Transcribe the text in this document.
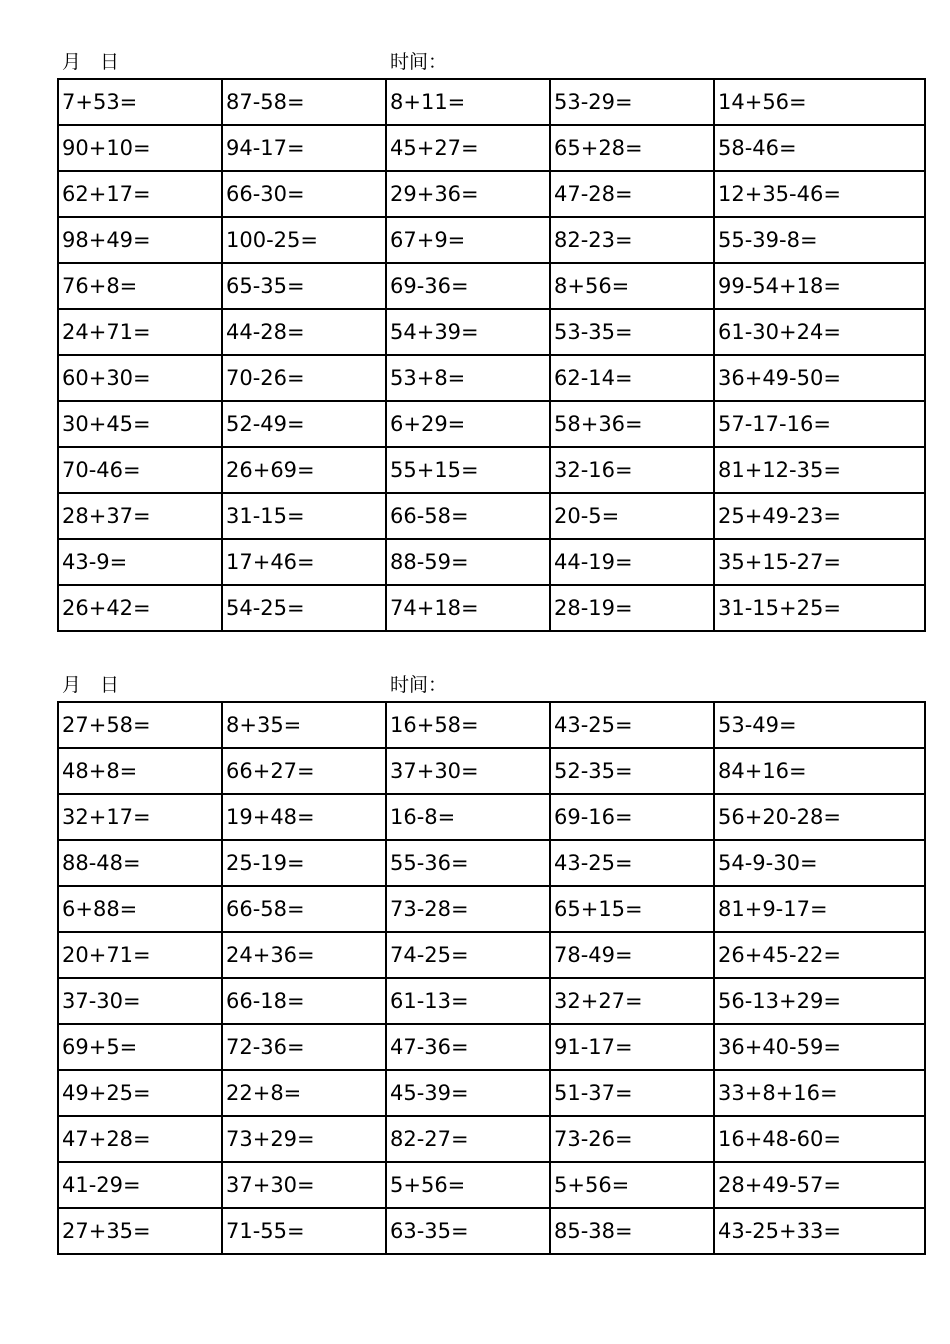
月　日	时间：
7+53=	87-58=	8+11=	53-29=	14+56=
90+10=	94-17=	45+27=	65+28=	58-46=
62+17=	66-30=	29+36=	47-28=	12+35-46=
98+49=	100-25=	67+9=	82-23=	55-39-8=
76+8=	65-35=	69-36=	8+56=	99-54+18=
24+71=	44-28=	54+39=	53-35=	61-30+24=
60+30=	70-26=	53+8=	62-14=	36+49-50=
30+45=	52-49=	6+29=	58+36=	57-17-16=
70-46=	26+69=	55+15=	32-16=	81+12-35=
28+37=	31-15=	66-58=	20-5=	25+49-23=
43-9=	17+46=	88-59=	44-19=	35+15-27=
26+42=	54-25=	74+18=	28-19=	31-15+25=
月　日	时间：
27+58=	8+35=	16+58=	43-25=	53-49=
48+8=	66+27=	37+30=	52-35=	84+16=
32+17=	19+48=	16-8=	69-16=	56+20-28=
88-48=	25-19=	55-36=	43-25=	54-9-30=
6+88=	66-58=	73-28=	65+15=	81+9-17=
20+71=	24+36=	74-25=	78-49=	26+45-22=
37-30=	66-18=	61-13=	32+27=	56-13+29=
69+5=	72-36=	47-36=	91-17=	36+40-59=
49+25=	22+8=	45-39=	51-37=	33+8+16=
47+28=	73+29=	82-27=	73-26=	16+48-60=
41-29=	37+30=	5+56=	5+56=	28+49-57=
27+35=	71-55=	63-35=	85-38=	43-25+33=
